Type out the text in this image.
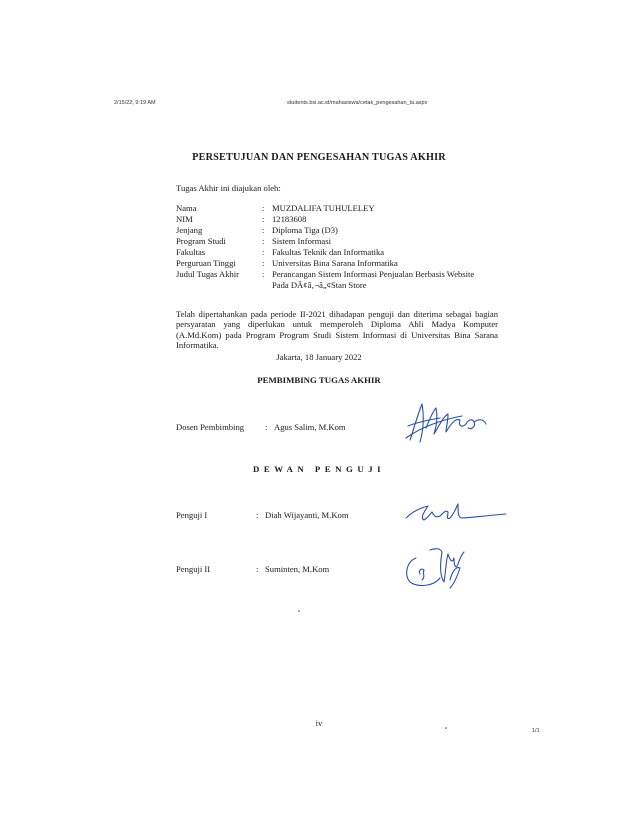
2/15/22, 9:19 AM	students.bsi.ac.id/mahasiswa/cetak_pengesahan_ta.aspx
PERSETUJUAN DAN PENGESAHAN TUGAS AKHIR
Tugas Akhir ini diajukan oleh:
Nama	: MUZDALIFA TUHULELEY
NIM	: 12183608
Jenjang	: Diploma Tiga (D3)
Program Studi	: Sistem Informasi
Fakultas	: Fakultas Teknik dan Informatika
Perguruan Tinggi	: Universitas Bina Sarana Informatika
Judul Tugas Akhir	: Perancangan Sistem Informasi Penjualan Berbasis Website
Pada DÃ¢â‚¬â„¢Stan Store
Telah dipertahankan pada periode II-2021 dihadapan penguji dan diterima sebagai bagian persyaratan yang diperlukan untuk memperoleh Diploma Ahli Madya Komputer (A.Md.Kom) pada Program Program Studi Sistem Informasi di Universitas Bina Sarana Informatika.
Jakarta, 18 January 2022
PEMBIMBING TUGAS AKHIR
Dosen Pembimbing : Agus Salim, M.Kom
DEWAN PENGUJI
Penguji I	: Diah Wijayanti, M.Kom
Penguji II	: Suminten, M.Kom
iv
1/1
